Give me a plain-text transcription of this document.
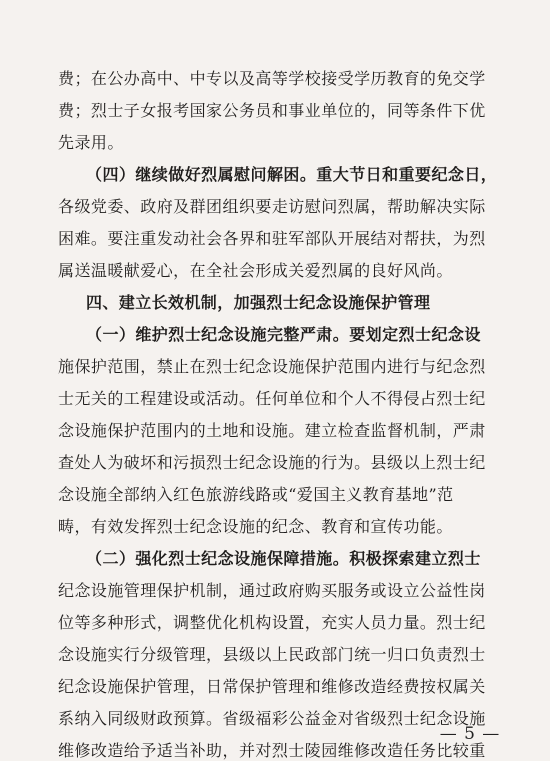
费；在公办高中、中专以及高等学校接受学历教育的免交学
费；烈士子女报考国家公务员和事业单位的，同等条件下优
先录用。
（四）继续做好烈属慰问解困。重大节日和重要纪念日，
各级党委、政府及群团组织要走访慰问烈属，帮助解决实际
困难。要注重发动社会各界和驻军部队开展结对帮扶，为烈
属送温暖献爱心，在全社会形成关爱烈属的良好风尚。
四、建立长效机制，加强烈士纪念设施保护管理
（一）维护烈士纪念设施完整严肃。要划定烈士纪念设
施保护范围，禁止在烈士纪念设施保护范围内进行与纪念烈
士无关的工程建设或活动。任何单位和个人不得侵占烈士纪
念设施保护范围内的土地和设施。建立检查监督机制，严肃
查处人为破坏和污损烈士纪念设施的行为。县级以上烈士纪
念设施全部纳入红色旅游线路或“爱国主义教育基地”范
畴，有效发挥烈士纪念设施的纪念、教育和宣传功能。
（二）强化烈士纪念设施保障措施。积极探索建立烈士
纪念设施管理保护机制，通过政府购买服务或设立公益性岗
位等多种形式，调整优化机构设置，充实人员力量。烈士纪
念设施实行分级管理，县级以上民政部门统一归口负责烈士
纪念设施保护管理，日常保护管理和维修改造经费按权属关
系纳入同级财政预算。省级福彩公益金对省级烈士纪念设施
维修改造给予适当补助，并对烈士陵园维修改造任务比较重
— 5 —
